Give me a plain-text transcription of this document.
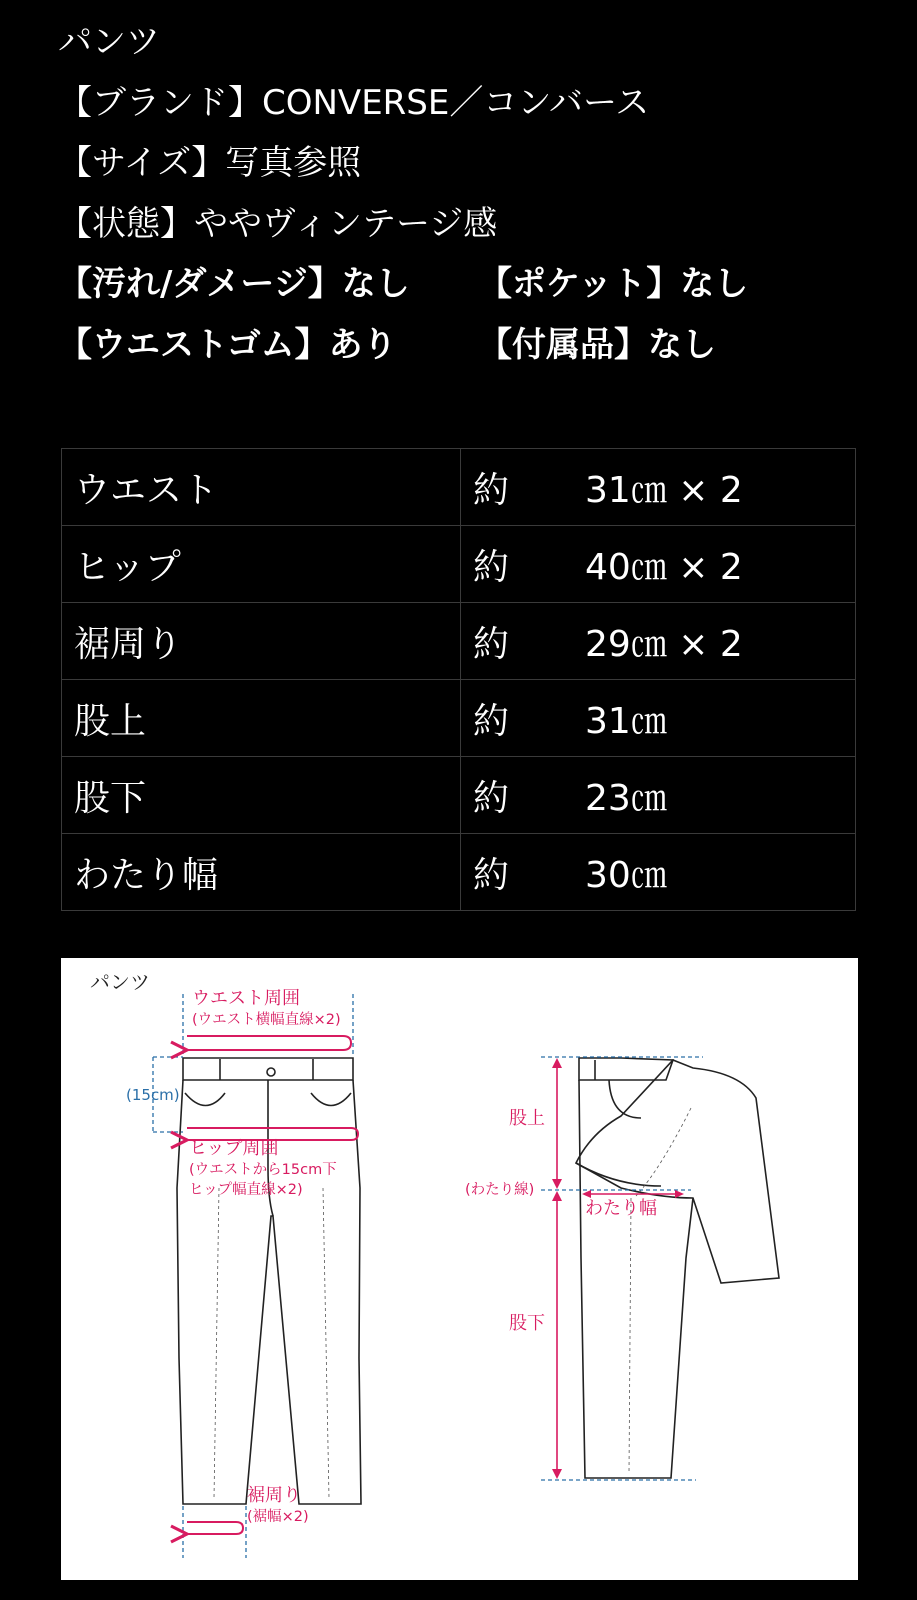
パンツ
【ブランド】CONVERSE／コンバース
【サイズ】写真参照
【状態】ややヴィンテージ感
【汚れ/ダメージ】なし	【ポケット】なし
【ウエストゴム】あり	【付属品】なし
ウエスト	約 31㎝ × 2
ヒップ	約 40㎝ × 2
裾周り	約 29㎝ × 2
股上	約 31㎝
股下	約 23㎝
わたり幅	約 30㎝
パンツ
ウエスト周囲
(ウエスト横幅直線×2)
(15cm)
ヒップ周囲
(ウエストから15cm下
ヒップ幅直線×2)
裾周り
(裾幅×2)
股上
(わたり線)
わたり幅
股下
